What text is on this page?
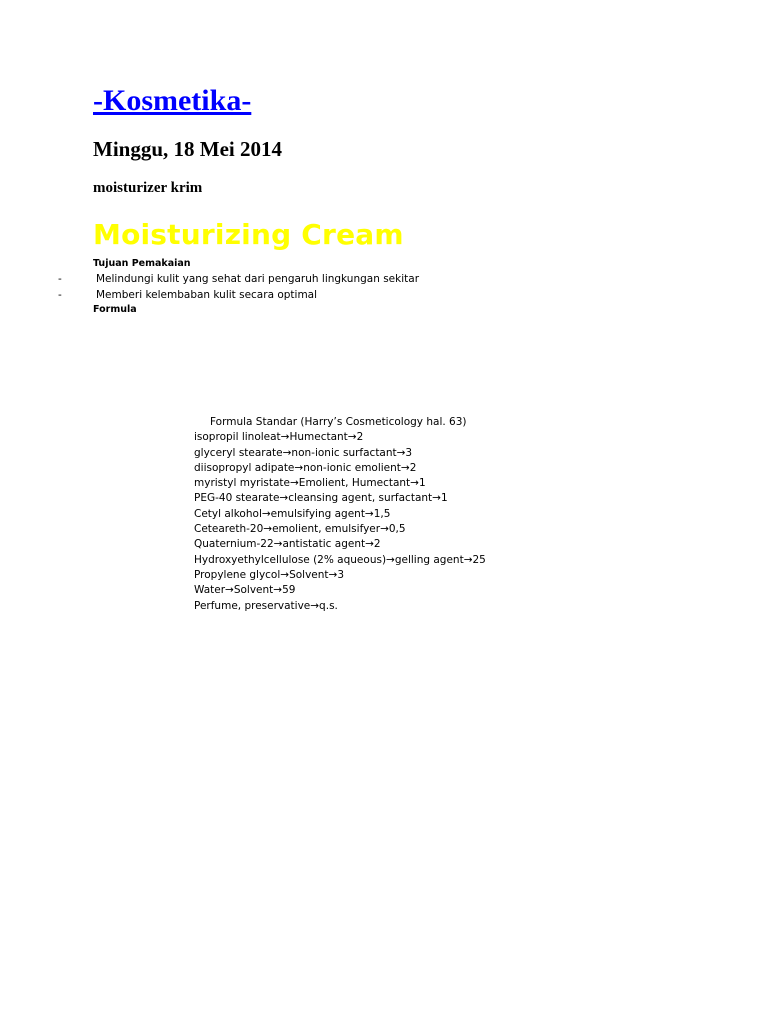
-Kosmetika-
Minggu, 18 Mei 2014
moisturizer krim
Moisturizing Cream
Tujuan Pemakaian
-	Melindungi kulit yang sehat dari pengaruh lingkungan sekitar
-	Memberi kelembaban kulit secara optimal
Formula
Formula Standar (Harry’s Cosmeticology hal. 63)
isopropil linoleat→Humectant→2
glyceryl stearate→non-ionic surfactant→3
diisopropyl adipate→non-ionic emolient→2
myristyl myristate→Emolient, Humectant→1
PEG-40 stearate→cleansing agent, surfactant→1
Cetyl alkohol→emulsifying agent→1,5
Ceteareth-20→emolient, emulsifyer→0,5
Quaternium-22→antistatic agent→2
Hydroxyethylcellulose (2% aqueous)→gelling agent→25
Propylene glycol→Solvent→3
Water→Solvent→59
Perfume, preservative→q.s.
